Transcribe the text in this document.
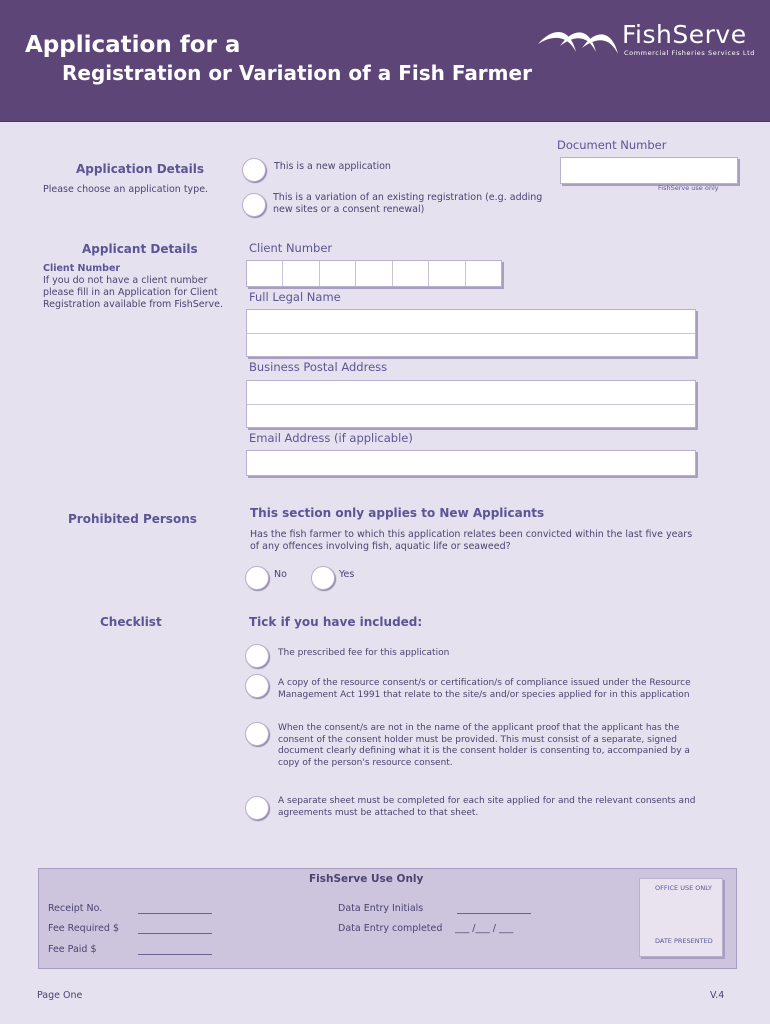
Application for a
Registration or Variation of a Fish Farmer
FishServe
Commercial Fisheries Services Ltd
Document Number
FishServe use only
Application Details
Please choose an application type.
This is a new application
This is a variation of an existing registration (e.g. adding new sites or a consent renewal)
Applicant Details
Client Number
If you do not have a client number please fill in an Application for Client Registration available from FishServe.
Client Number
Full Legal Name
Business Postal Address
Email Address (if applicable)
Prohibited Persons	This section only applies to New Applicants
Has the fish farmer to which this application relates been convicted within the last five years of any offences involving fish, aquatic life or seaweed?
No	Yes
Checklist	Tick if you have included:
The prescribed fee for this application
A copy of the resource consent/s or certification/s of compliance issued under the Resource Management Act 1991 that relate to the site/s and/or species applied for in this application
When the consent/s are not in the name of the applicant proof that the applicant has the consent of the consent holder must be provided. This must consist of a separate, signed document clearly defining what it is the consent holder is consenting to, accompanied by a copy of the person's resource consent.
A separate sheet must be completed for each site applied for and the relevant consents and agreements must be attached to that sheet.
FishServe Use Only
Receipt No.
Fee Required $
Fee Paid $
Data Entry Initials
Data Entry completed ___ /___ / ___
OFFICE USE ONLY
DATE PRESENTED
Page One	V.4
